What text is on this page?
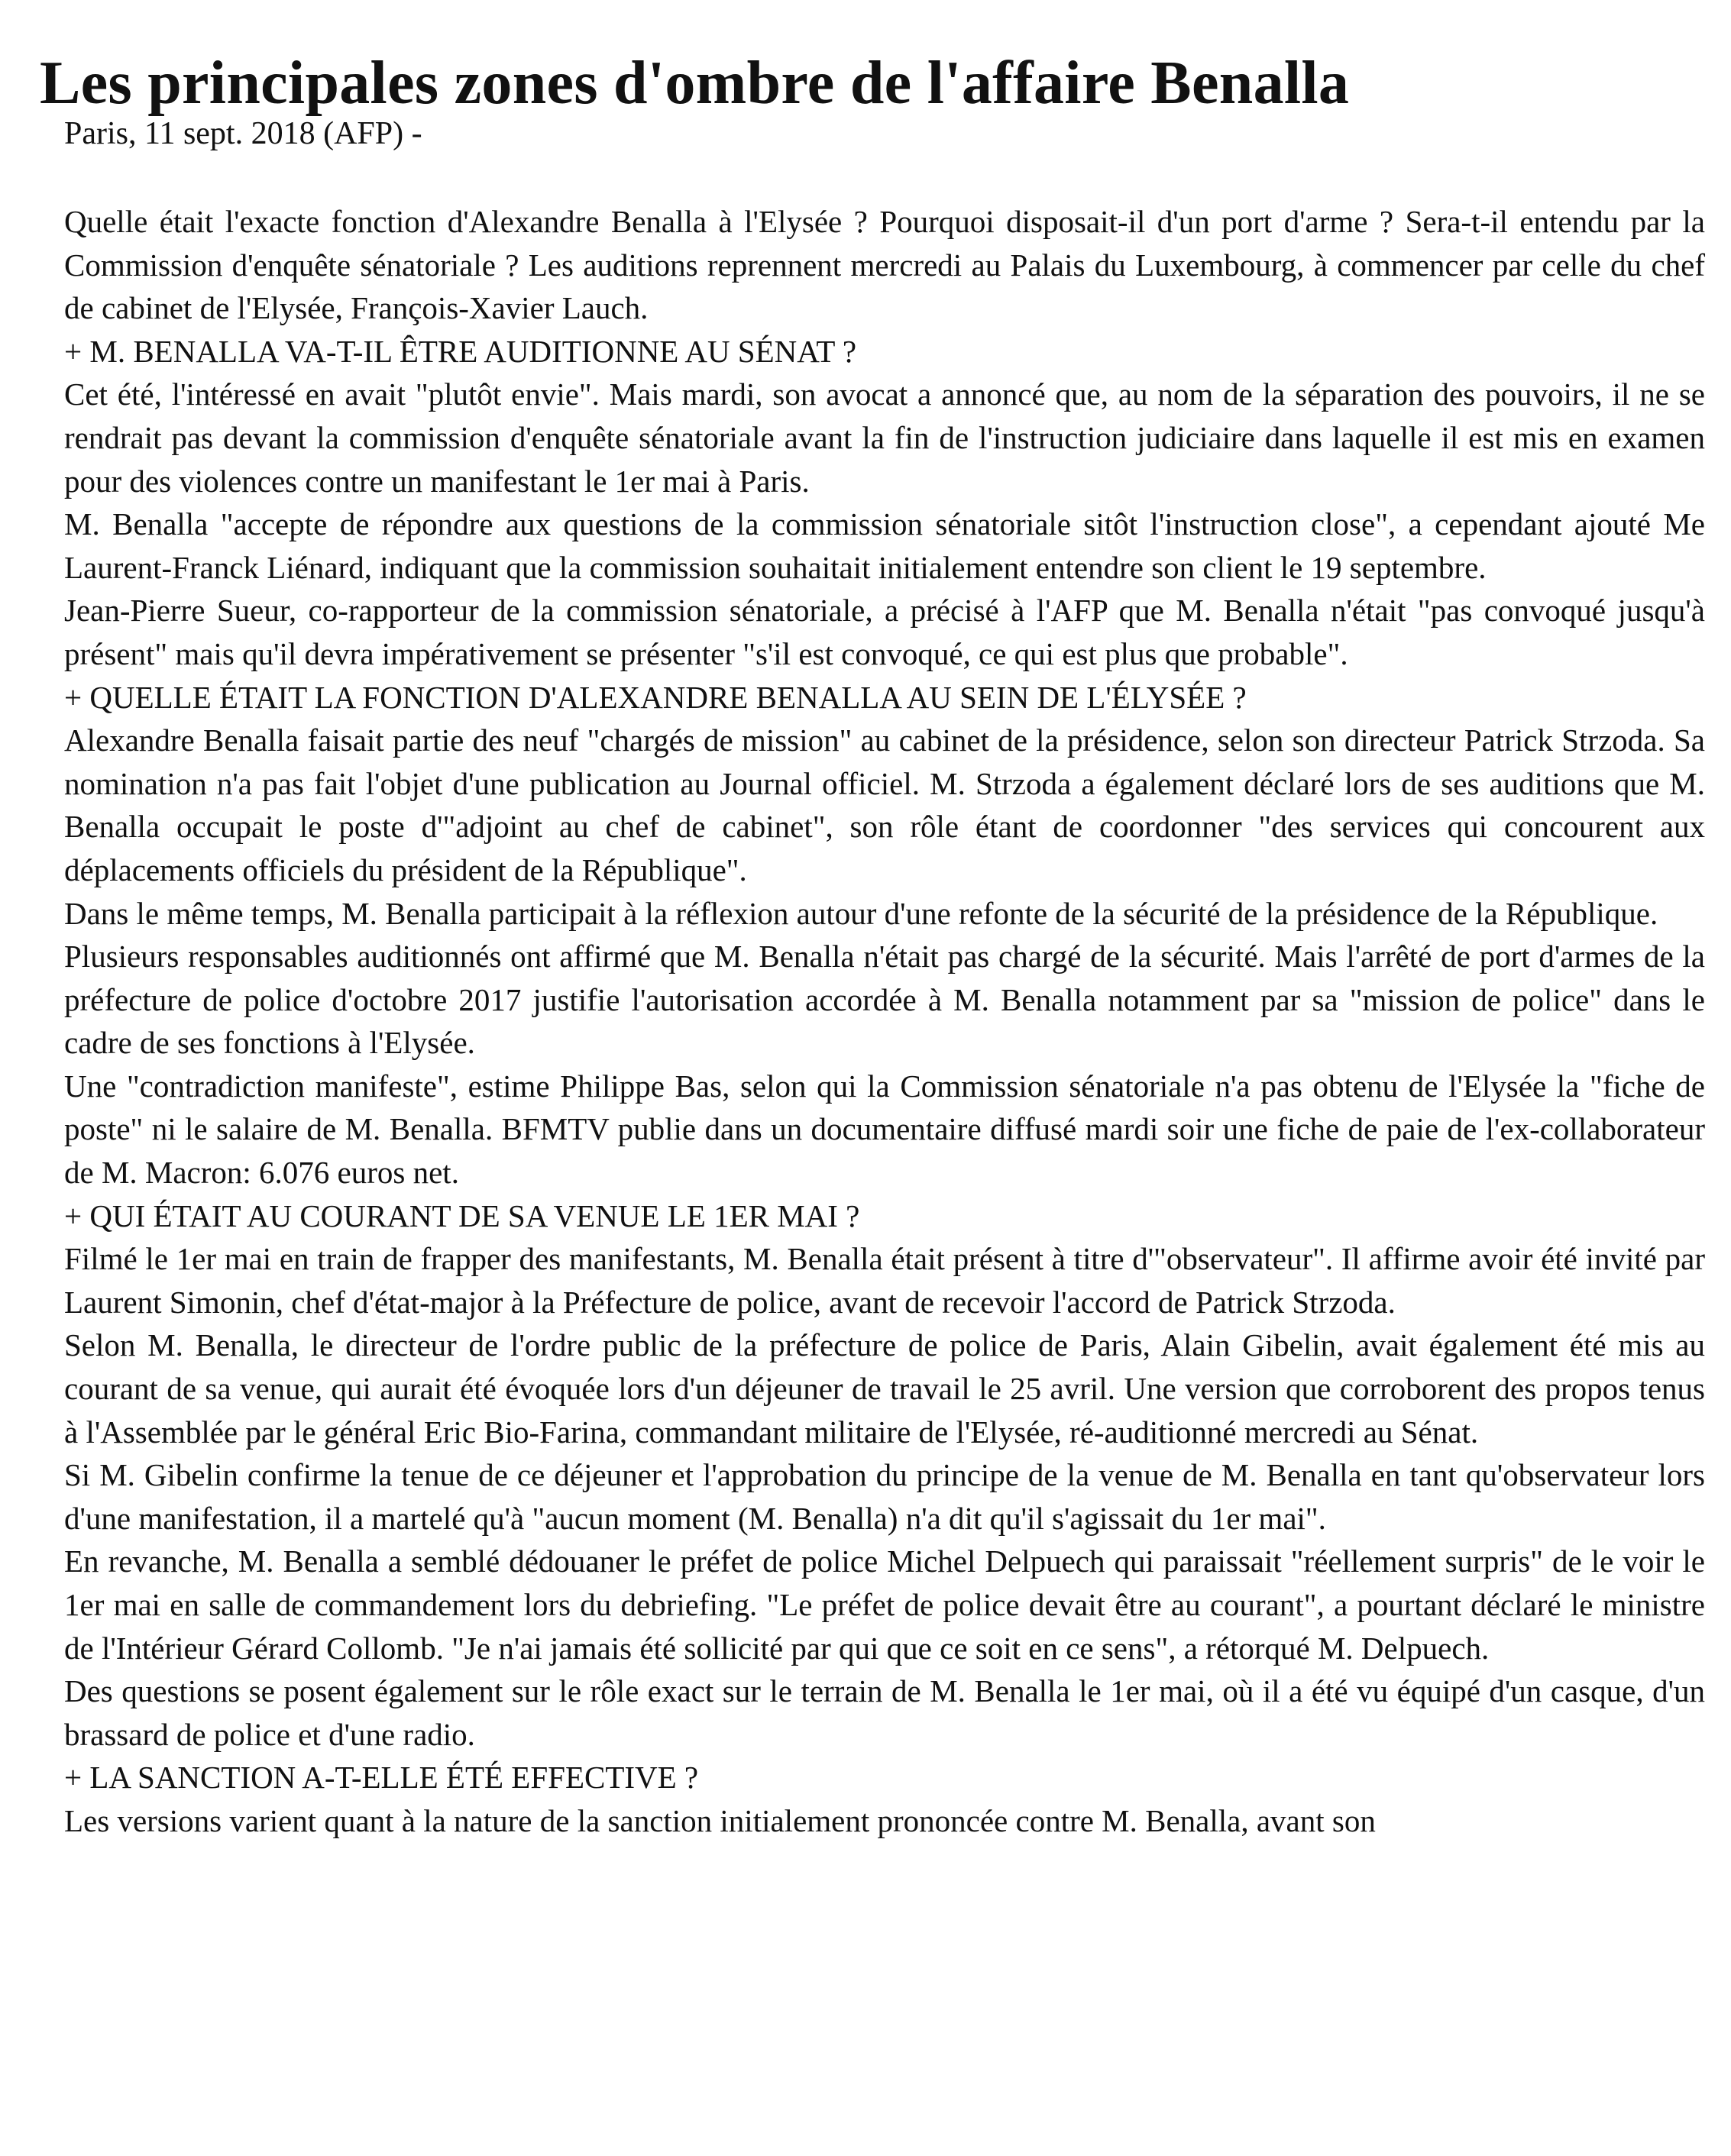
Les principales zones d'ombre de l'affaire Benalla
Paris, 11 sept. 2018 (AFP) -

Quelle était l'exacte fonction d'Alexandre Benalla à l'Elysée ? Pourquoi disposait-il d'un port d'arme ? Sera-t-il entendu par la Commission d'enquête sénatoriale ? Les auditions reprennent mercredi au Palais du Luxembourg, à commencer par celle du chef de cabinet de l'Elysée, François-Xavier Lauch.

+ M. BENALLA VA-T-IL ÊTRE AUDITIONNE AU SÉNAT ?

Cet été, l'intéressé en avait "plutôt envie". Mais mardi, son avocat a annoncé que, au nom de la séparation des pouvoirs, il ne se rendrait pas devant la commission d'enquête sénatoriale avant la fin de l'instruction judiciaire dans laquelle il est mis en examen pour des violences contre un manifestant le 1er mai à Paris.

M. Benalla "accepte de répondre aux questions de la commission sénatoriale sitôt l'instruction close", a cependant ajouté Me Laurent-Franck Liénard, indiquant que la commission souhaitait initialement entendre son client le 19 septembre.

Jean-Pierre Sueur, co-rapporteur de la commission sénatoriale, a précisé à l'AFP que M. Benalla n'était "pas convoqué jusqu'à présent" mais qu'il devra impérativement se présenter "s'il est convoqué, ce qui est plus que probable".

+ QUELLE ÉTAIT LA FONCTION D'ALEXANDRE BENALLA AU SEIN DE L'ÉLYSÉE ?

Alexandre Benalla faisait partie des neuf "chargés de mission" au cabinet de la présidence, selon son directeur Patrick Strzoda. Sa nomination n'a pas fait l'objet d'une publication au Journal officiel. M. Strzoda a également déclaré lors de ses auditions que M. Benalla occupait le poste d'"adjoint au chef de cabinet", son rôle étant de coordonner "des services qui concourent aux déplacements officiels du président de la République".

Dans le même temps, M. Benalla participait à la réflexion autour d'une refonte de la sécurité de la présidence de la République.

Plusieurs responsables auditionnés ont affirmé que M. Benalla n'était pas chargé de la sécurité. Mais l'arrêté de port d'armes de la préfecture de police d'octobre 2017 justifie l'autorisation accordée à M. Benalla notamment par sa "mission de police" dans le cadre de ses fonctions à l'Elysée.

Une "contradiction manifeste", estime Philippe Bas, selon qui la Commission sénatoriale n'a pas obtenu de l'Elysée la "fiche de poste" ni le salaire de M. Benalla. BFMTV publie dans un documentaire diffusé mardi soir une fiche de paie de l'ex-collaborateur de M. Macron: 6.076 euros net.

+ QUI ÉTAIT AU COURANT DE SA VENUE LE 1ER MAI ?

Filmé le 1er mai en train de frapper des manifestants, M. Benalla était présent à titre d'"observateur". Il affirme avoir été invité par Laurent Simonin, chef d'état-major à la Préfecture de police, avant de recevoir l'accord de Patrick Strzoda.

Selon M. Benalla, le directeur de l'ordre public de la préfecture de police de Paris, Alain Gibelin, avait également été mis au courant de sa venue, qui aurait été évoquée lors d'un déjeuner de travail le 25 avril. Une version que corroborent des propos tenus à l'Assemblée par le général Eric Bio-Farina, commandant militaire de l'Elysée, ré-auditionné mercredi au Sénat.

Si M. Gibelin confirme la tenue de ce déjeuner et l'approbation du principe de la venue de M. Benalla en tant qu'observateur lors d'une manifestation, il a martelé qu'à "aucun moment (M. Benalla) n'a dit qu'il s'agissait du 1er mai".

En revanche, M. Benalla a semblé dédouaner le préfet de police Michel Delpuech qui paraissait "réellement surpris" de le voir le 1er mai en salle de commandement lors du debriefing. "Le préfet de police devait être au courant", a pourtant déclaré le ministre de l'Intérieur Gérard Collomb. "Je n'ai jamais été sollicité par qui que ce soit en ce sens", a rétorqué M. Delpuech.

Des questions se posent également sur le rôle exact sur le terrain de M. Benalla le 1er mai, où il a été vu équipé d'un casque, d'un brassard de police et d'une radio.

+ LA SANCTION A-T-ELLE ÉTÉ EFFECTIVE ?

Les versions varient quant à la nature de la sanction initialement prononcée contre M. Benalla, avant son
